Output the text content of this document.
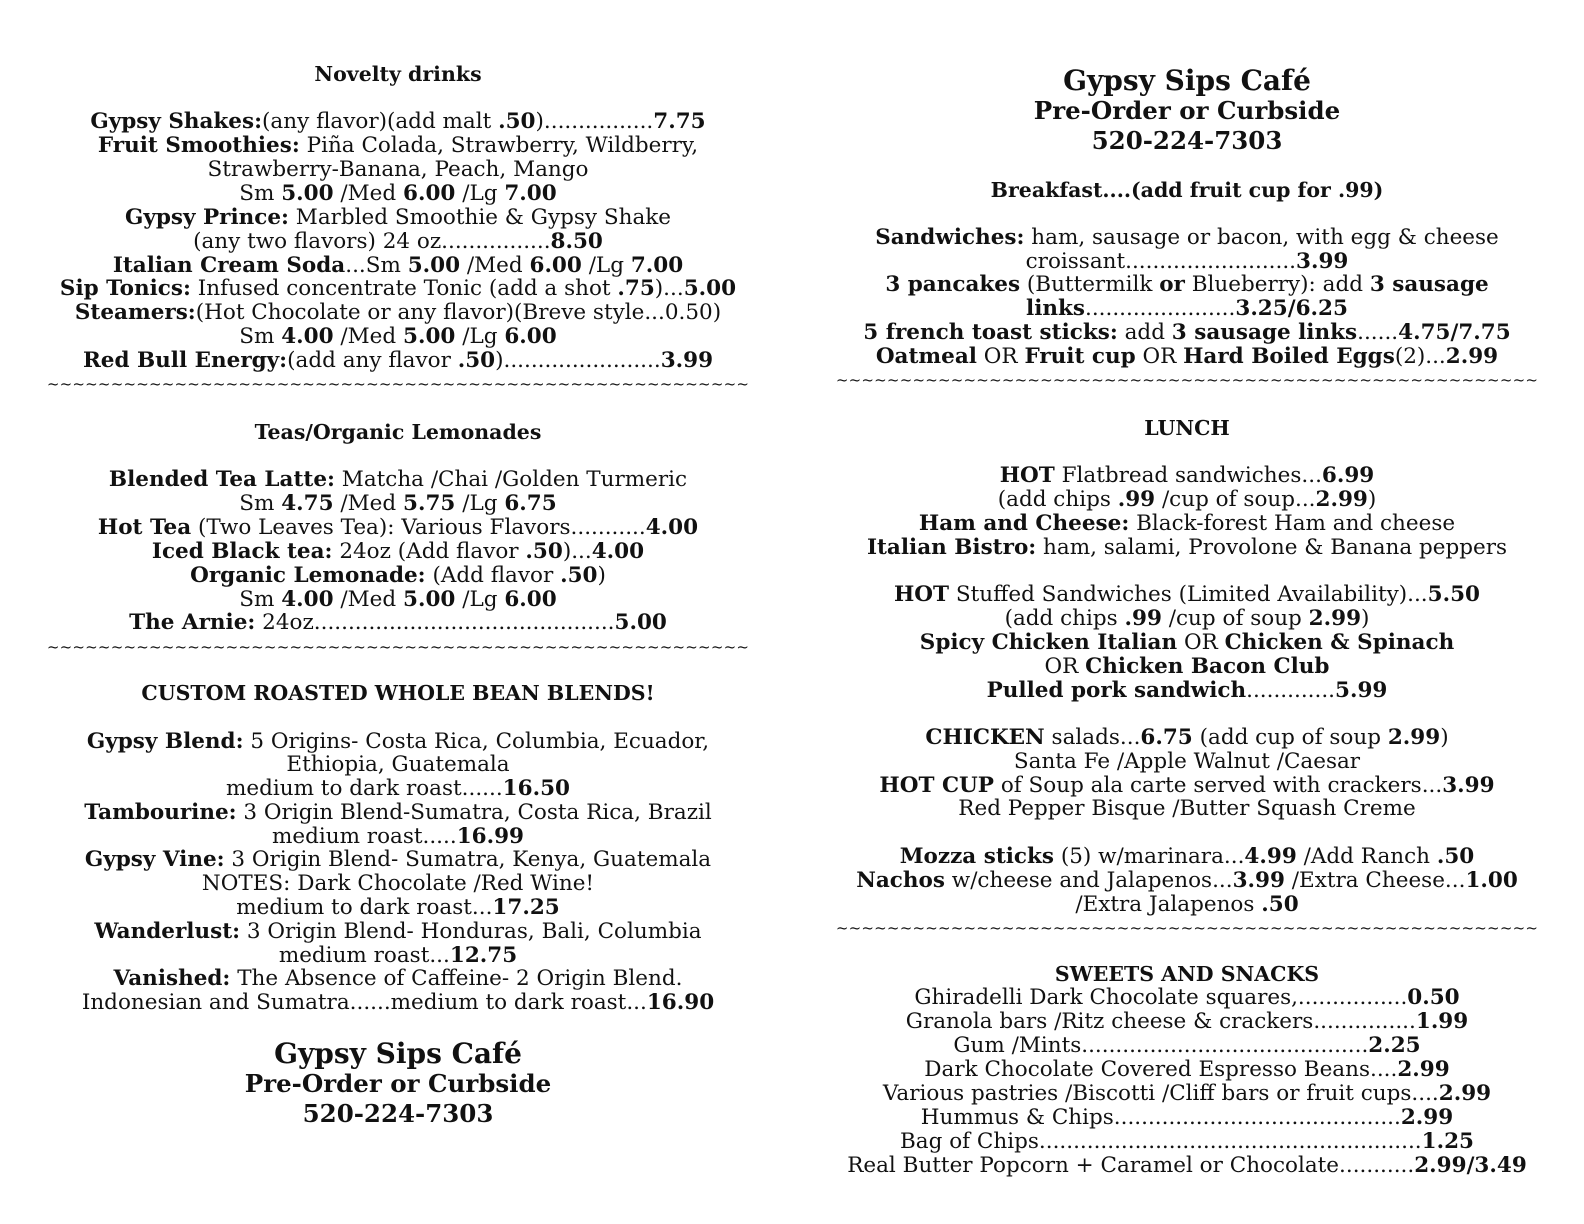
Novelty drinks
Gypsy Shakes:(any flavor)(add malt .50)................7.75
Fruit Smoothies: Piña Colada, Strawberry, Wildberry,
Strawberry-Banana, Peach, Mango
Sm 5.00 /Med 6.00 /Lg 7.00
Gypsy Prince: Marbled Smoothie & Gypsy Shake
(any two flavors) 24 oz................8.50
Italian Cream Soda...Sm 5.00 /Med 6.00 /Lg 7.00
Sip Tonics: Infused concentrate Tonic (add a shot .75)...5.00
Steamers:(Hot Chocolate or any flavor)(Breve style...0.50)
Sm 4.00 /Med 5.00 /Lg 6.00
Red Bull Energy:(add any flavor .50).......................3.99
~~~~~~~~~~~~~~~~~~~~~~~~~~~~~~~~~~~~~~~~~~~~~~~~~~~~~~~
Teas/Organic Lemonades
Blended Tea Latte: Matcha /Chai /Golden Turmeric
Sm 4.75 /Med 5.75 /Lg 6.75
Hot Tea (Two Leaves Tea): Various Flavors...........4.00
Iced Black tea: 24oz (Add flavor .50)...4.00
Organic Lemonade: (Add flavor .50)
Sm 4.00 /Med 5.00 /Lg 6.00
The Arnie: 24oz............................................5.00
~~~~~~~~~~~~~~~~~~~~~~~~~~~~~~~~~~~~~~~~~~~~~~~~~~~~~~~
CUSTOM ROASTED WHOLE BEAN BLENDS!
Gypsy Blend: 5 Origins- Costa Rica, Columbia, Ecuador,
Ethiopia, Guatemala
medium to dark roast......16.50
Tambourine: 3 Origin Blend-Sumatra, Costa Rica, Brazil
medium roast.....16.99
Gypsy Vine: 3 Origin Blend- Sumatra, Kenya, Guatemala
NOTES: Dark Chocolate /Red Wine!
medium to dark roast...17.25
Wanderlust: 3 Origin Blend- Honduras, Bali, Columbia
medium roast...12.75
Vanished: The Absence of Caffeine- 2 Origin Blend.
Indonesian and Sumatra......medium to dark roast...16.90
Gypsy Sips Café
Pre-Order or Curbside
520-224-7303
Gypsy Sips Café
Pre-Order or Curbside
520-224-7303
Breakfast....(add fruit cup for .99)
Sandwiches: ham, sausage or bacon, with egg & cheese
croissant.........................3.99
3 pancakes (Buttermilk or Blueberry): add 3 sausage
links......................3.25/6.25
5 french toast sticks: add 3 sausage links......4.75/7.75
Oatmeal OR Fruit cup OR Hard Boiled Eggs(2)...2.99
~~~~~~~~~~~~~~~~~~~~~~~~~~~~~~~~~~~~~~~~~~~~~~~~~~~~~~~
LUNCH
HOT Flatbread sandwiches...6.99
(add chips .99 /cup of soup...2.99)
Ham and Cheese: Black-forest Ham and cheese
Italian Bistro: ham, salami, Provolone & Banana peppers
HOT Stuffed Sandwiches (Limited Availability)...5.50
(add chips .99 /cup of soup 2.99)
Spicy Chicken Italian OR Chicken & Spinach
OR Chicken Bacon Club
Pulled pork sandwich.............5.99
CHICKEN salads...6.75 (add cup of soup 2.99)
Santa Fe /Apple Walnut /Caesar
HOT CUP of Soup ala carte served with crackers...3.99
Red Pepper Bisque /Butter Squash Creme
Mozza sticks (5) w/marinara...4.99 /Add Ranch .50
Nachos w/cheese and Jalapenos...3.99 /Extra Cheese...1.00
/Extra Jalapenos .50
~~~~~~~~~~~~~~~~~~~~~~~~~~~~~~~~~~~~~~~~~~~~~~~~~~~~~~~
SWEETS AND SNACKS
Ghiradelli Dark Chocolate squares,................0.50
Granola bars /Ritz cheese & crackers...............1.99
Gum /Mints..........................................2.25
Dark Chocolate Covered Espresso Beans....2.99
Various pastries /Biscotti /Cliff bars or fruit cups....2.99
Hummus & Chips..........................................2.99
Bag of Chips........................................................1.25
Real Butter Popcorn + Caramel or Chocolate...........2.99/3.49
